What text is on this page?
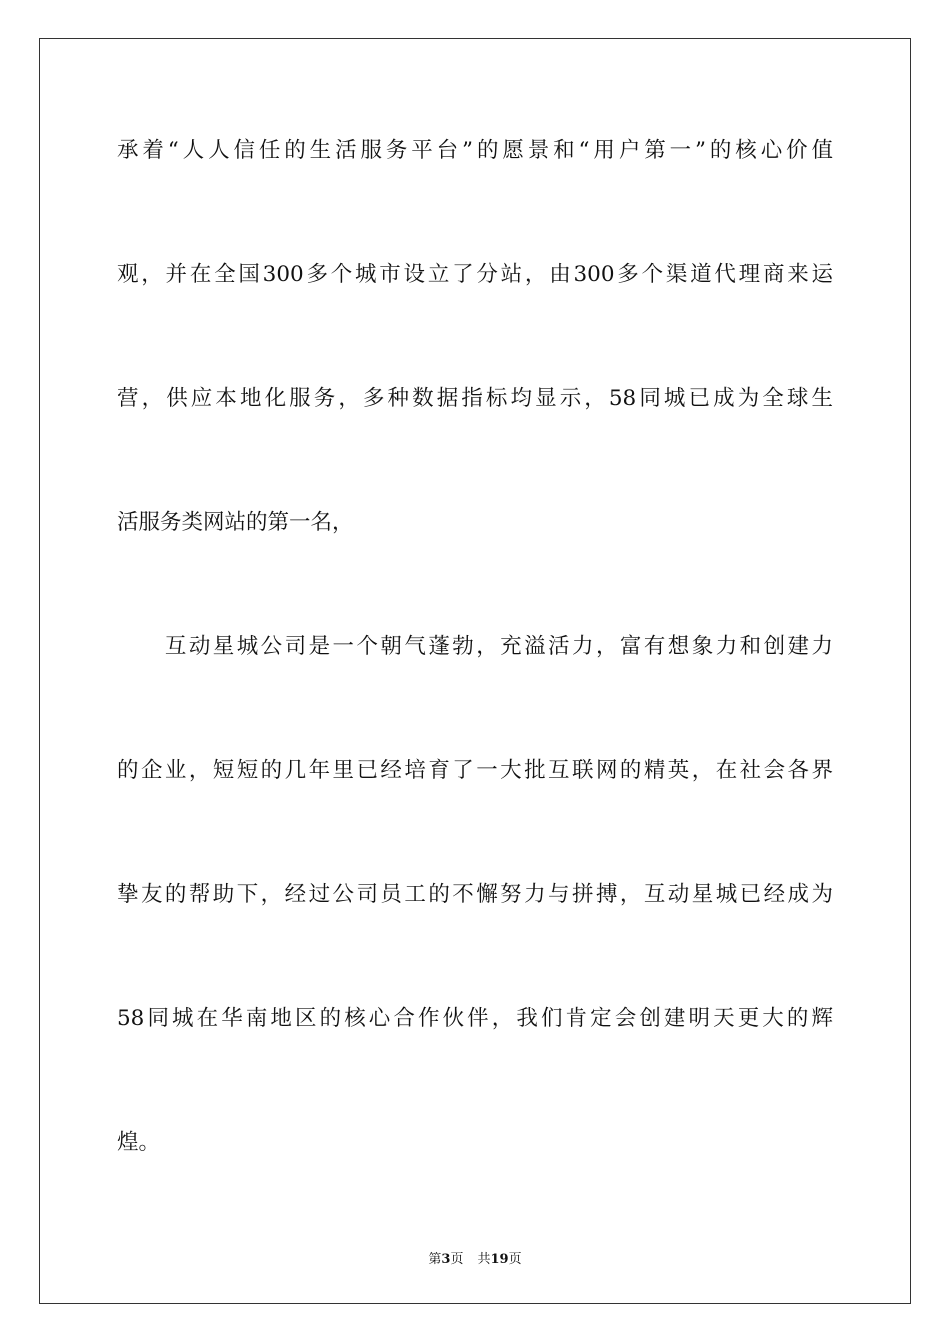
承着“人人信任的生活服务平台”的愿景和“用户第一”的核心价值
观，并在全国300多个城市设立了分站，由300多个渠道代理商来运
营，供应本地化服务，多种数据指标均显示，58同城已成为全球生
活服务类网站的第一名，
　　互动星城公司是一个朝气蓬勃，充溢活力，富有想象力和创建力
的企业，短短的几年里已经培育了一大批互联网的精英，在社会各界
挚友的帮助下，经过公司员工的不懈努力与拼搏，互动星城已经成为
58同城在华南地区的核心合作伙伴，我们肯定会创建明天更大的辉
煌。
第3页 共19页
